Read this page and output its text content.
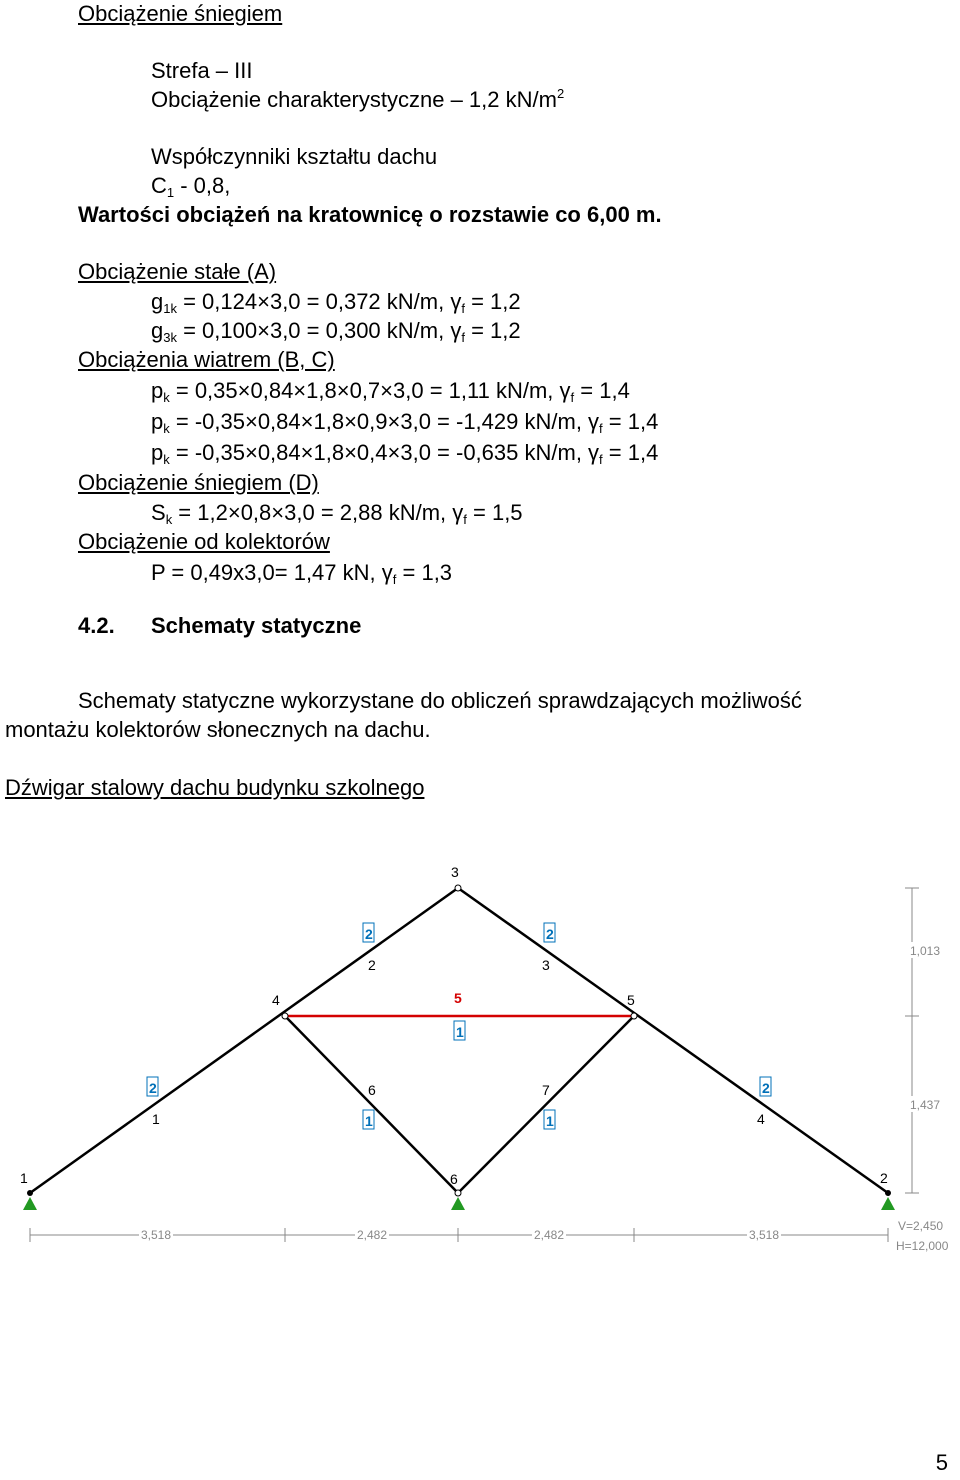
Obciążenie śniegiem
Strefa – III
Obciążenie charakterystyczne – 1,2 $kN/m^2$
Współczynniki kształtu dachu
$C_1 - 0,8$,
Wartości obciążeń na kratownicę o rozstawie co 6,00 m.
Obciążenie stałe (A)
$g_{1k} = 0,124\times 3,0 = 0,372$ kN/m, $\gamma_f = 1,2$
$g_{3k} = 0,100\times 3,0 = 0,300$ kN/m, $\gamma_f = 1,2$
Obciążenia wiatrem (B, C)
$p_k = 0,35\times 0,84\times 1,8\times 0,7\times 3,0 = 1,11$ kN/m, $\gamma_f = 1,4$
$p_k = -0,35\times 0,84\times 1,8\times 0,9\times 3,0 = -1,429$ kN/m, $\gamma_f = 1,4$
$p_k = -0,35\times 0,84\times 1,8\times 0,4\times 3,0 = -0,635$ kN/m, $\gamma_f = 1,4$
Obciążenie śniegiem (D)
$S_k = 1,2\times 0,8\times 3,0 = 2,88$ kN/m, $\gamma_f = 1,5$
Obciążenie od kolektorów
P = 0,49x3,0= 1,47 kN, $\gamma_f = 1,3$
4.2. Schematy statyczne
Schematy statyczne wykorzystane do obliczeń sprawdzających możliwość
montażu kolektorów słonecznych na dachu.
Dźwigar stalowy dachu budynku szkolnego
1	2
3
4	5
6
1
2	3
4
5
6	7
2	2
1
2
1	1
2
3,518	2,482	2,482	3,518
1,013
1,437
V=2,450
H=12,000
5
